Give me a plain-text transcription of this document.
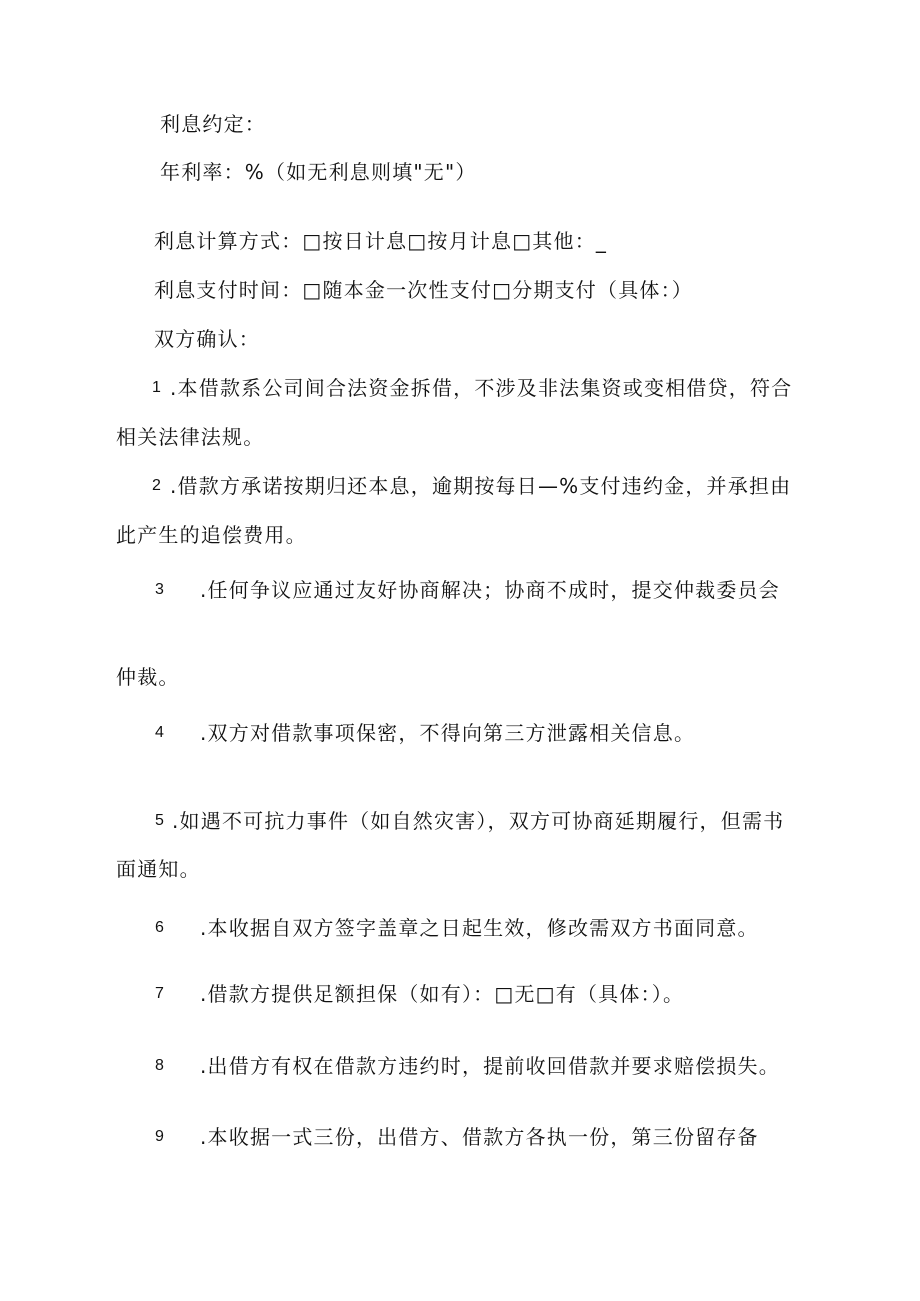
利息约定：
年利率：%（如无利息则填"无"）
利息计算方式：□按日计息□按月计息□其他：_
利息支付时间：□随本金一次性支付□分期支付（具体：）
双方确认：
1 .本借款系公司间合法资金拆借，不涉及非法集资或变相借贷，符合
相关法律法规。
2 .借款方承诺按期归还本息，逾期按每日—%支付违约金，并承担由
此产生的追偿费用。
3 .任何争议应通过友好协商解决；协商不成时，提交仲裁委员会
仲裁。
4 .双方对借款事项保密，不得向第三方泄露相关信息。
5 .如遇不可抗力事件（如自然灾害），双方可协商延期履行，但需书
面通知。
6 .本收据自双方签字盖章之日起生效，修改需双方书面同意。
7 .借款方提供足额担保（如有）：□无□有（具体：）。
8 .出借方有权在借款方违约时，提前收回借款并要求赔偿损失。
9 .本收据一式三份，出借方、借款方各执一份，第三份留存备
